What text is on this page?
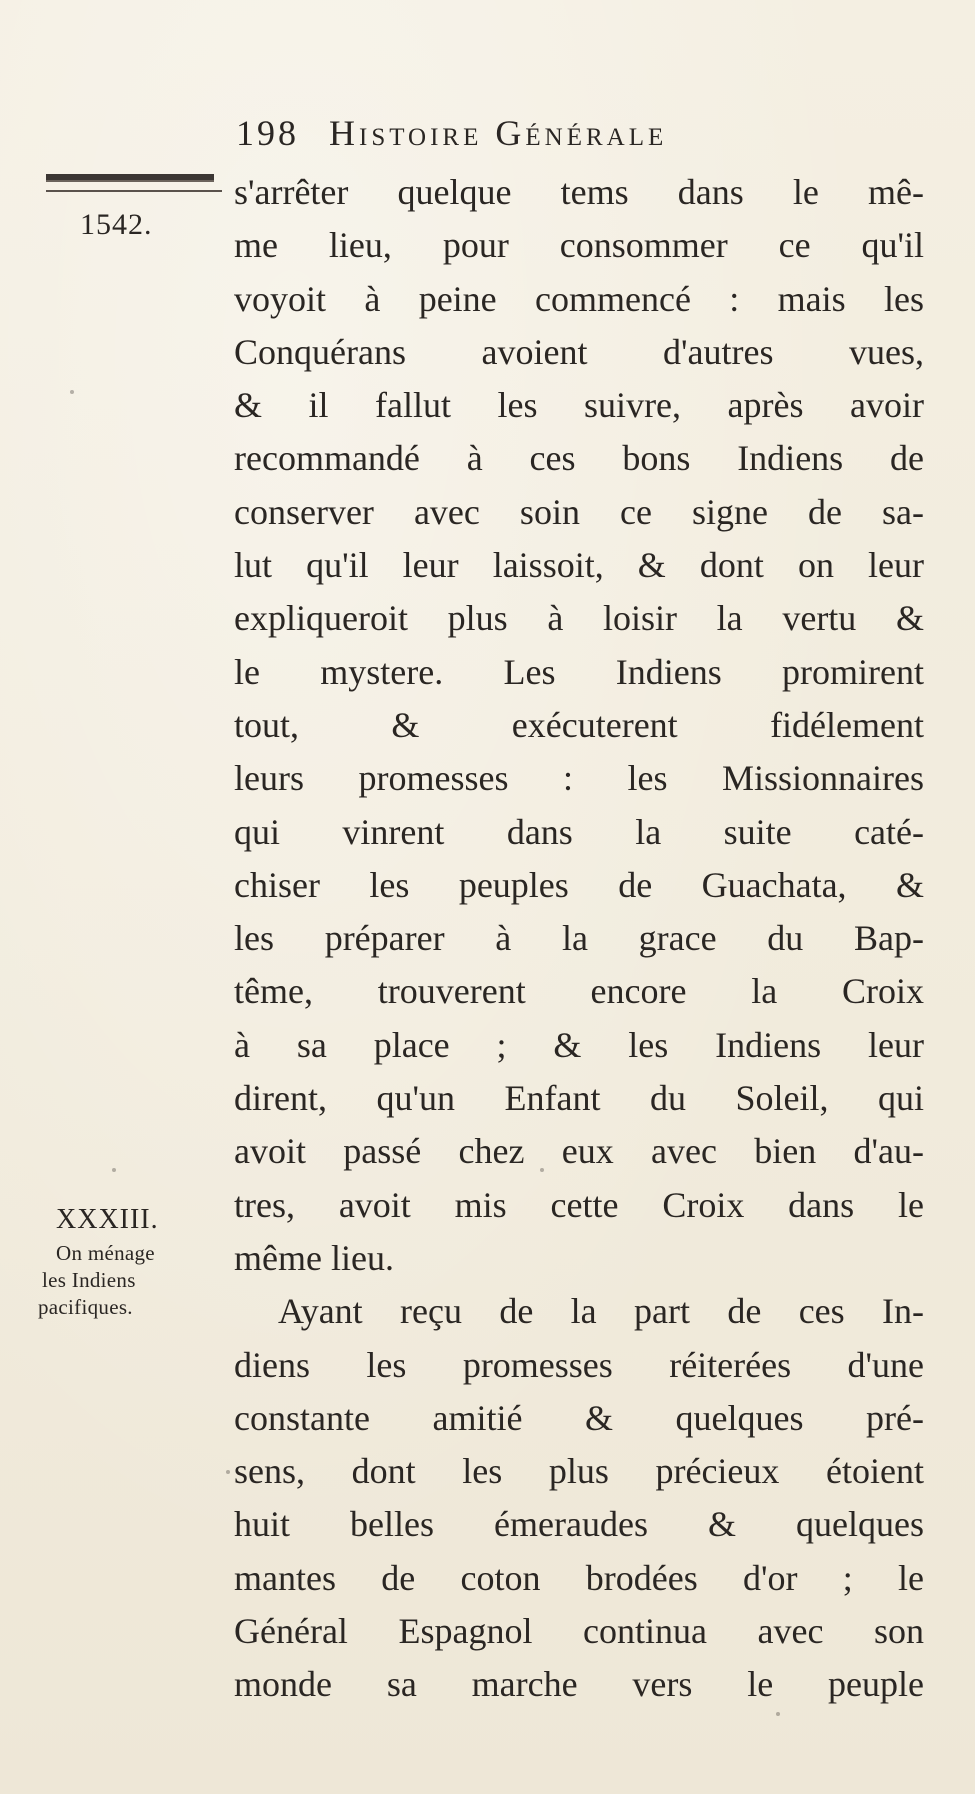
198 Histoire Générale
1542.
s'arrêter quelque tems dans le mê-
me lieu, pour consommer ce qu'il
voyoit à peine commencé : mais les
Conquérans avoient d'autres vues,
& il fallut les suivre, après avoir
recommandé à ces bons Indiens de
conserver avec soin ce signe de sa-
lut qu'il leur laissoit, & dont on leur
expliqueroit plus à loisir la vertu &
le mystere. Les Indiens promirent
tout, & exécuterent fidélement
leurs promesses : les Missionnaires
qui vinrent dans la suite caté-
chiser les peuples de Guachata, &
les préparer à la grace du Bap-
tême, trouverent encore la Croix
à sa place ; & les Indiens leur
dirent, qu'un Enfant du Soleil, qui
avoit passé chez eux avec bien d'au-
tres, avoit mis cette Croix dans le
même lieu.
Ayant reçu de la part de ces In-
diens les promesses réiterées d'une
constante amitié & quelques pré-
sens, dont les plus précieux étoient
huit belles émeraudes & quelques
mantes de coton brodées d'or ; le
Général Espagnol continua avec son
monde sa marche vers le peuple
XXXIII.
On ménage
les Indiens
pacifiques.
